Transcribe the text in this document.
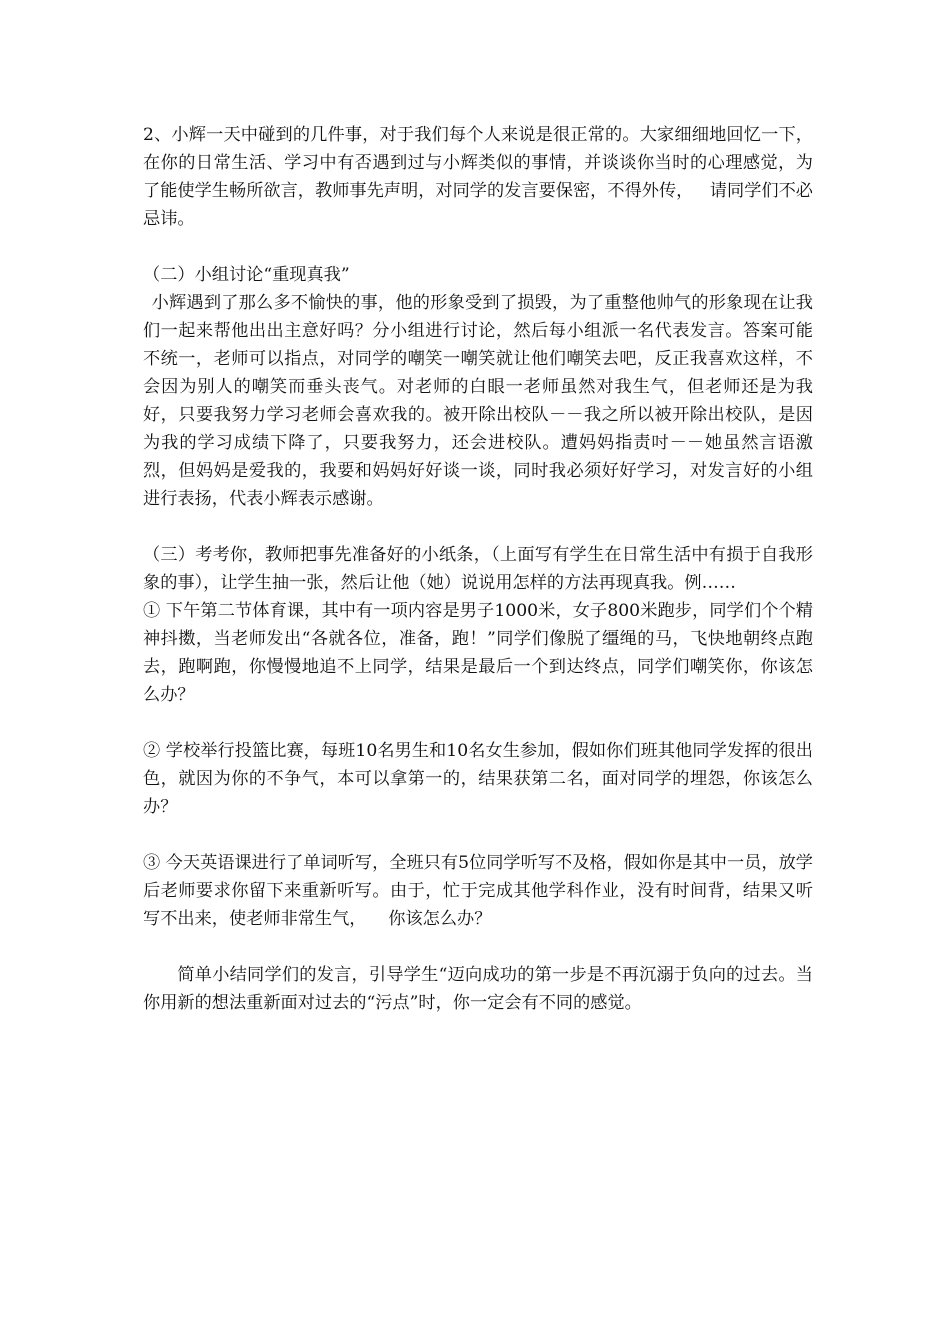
2、小辉一天中碰到的几件事，对于我们每个人来说是很正常的。大家细细地回忆一下，在你的日常生活、学习中有否遇到过与小辉类似的事情，并谈谈你当时的心理感觉，为了能使学生畅所欲言，教师事先声明，对同学的发言要保密，不得外传，   请同学们不必忌讳。

（二）小组讨论“重现真我”

小辉遇到了那么多不愉快的事，他的形象受到了损毁，为了重整他帅气的形象现在让我们一起来帮他出出主意好吗？分小组进行讨论，然后每小组派一名代表发言。答案可能不统一，老师可以指点，对同学的嘲笑一嘲笑就让他们嘲笑去吧，反正我喜欢这样，不会因为别人的嘲笑而垂头丧气。对老师的白眼一老师虽然对我生气，但老师还是为我好，只要我努力学习老师会喜欢我的。被开除出校队－－我之所以被开除出校队，是因为我的学习成绩下降了，只要我努力，还会进校队。遭妈妈指责吋－－她虽然言语激烈，但妈妈是爱我的，我要和妈妈好好谈一谈，同时我必须好好学习，对发言好的小组进行表扬，代表小辉表示感谢。

（三）考考你，教师把事先准备好的小纸条，（上面写有学生在日常生活中有损于自我形象的事），让学生抽一张，然后让他（她）说说用怎样的方法再现真我。例……

① 下午第二节体育课，其中有一项内容是男子1000米，女子800米跑步，同学们个个精神抖擞，当老师发出“各就各位，准备，跑！”同学们像脱了缰绳的马，飞快地朝终点跑去，跑啊跑，你慢慢地追不上同学，结果是最后一个到达终点，同学们嘲笑你，你该怎么办？

② 学校举行投篮比赛，每班10名男生和10名女生参加，假如你们班其他同学发挥的很出色，就因为你的不争气，本可以拿第一的，结果获第二名，面对同学的埋怨，你该怎么办？

③ 今天英语课进行了单词听写，全班只有5位同学听写不及格，假如你是其中一员，放学后老师要求你留下来重新听写。由于，忙于完成其他学科作业，没有时间背，结果又听写不出来，使老师非常生气，    你该怎么办？

简单小结同学们的发言，引导学生“迈向成功的第一步是不再沉溺于负向的过去。当你用新的想法重新面对过去的“污点”时，你一定会有不同的感觉。
